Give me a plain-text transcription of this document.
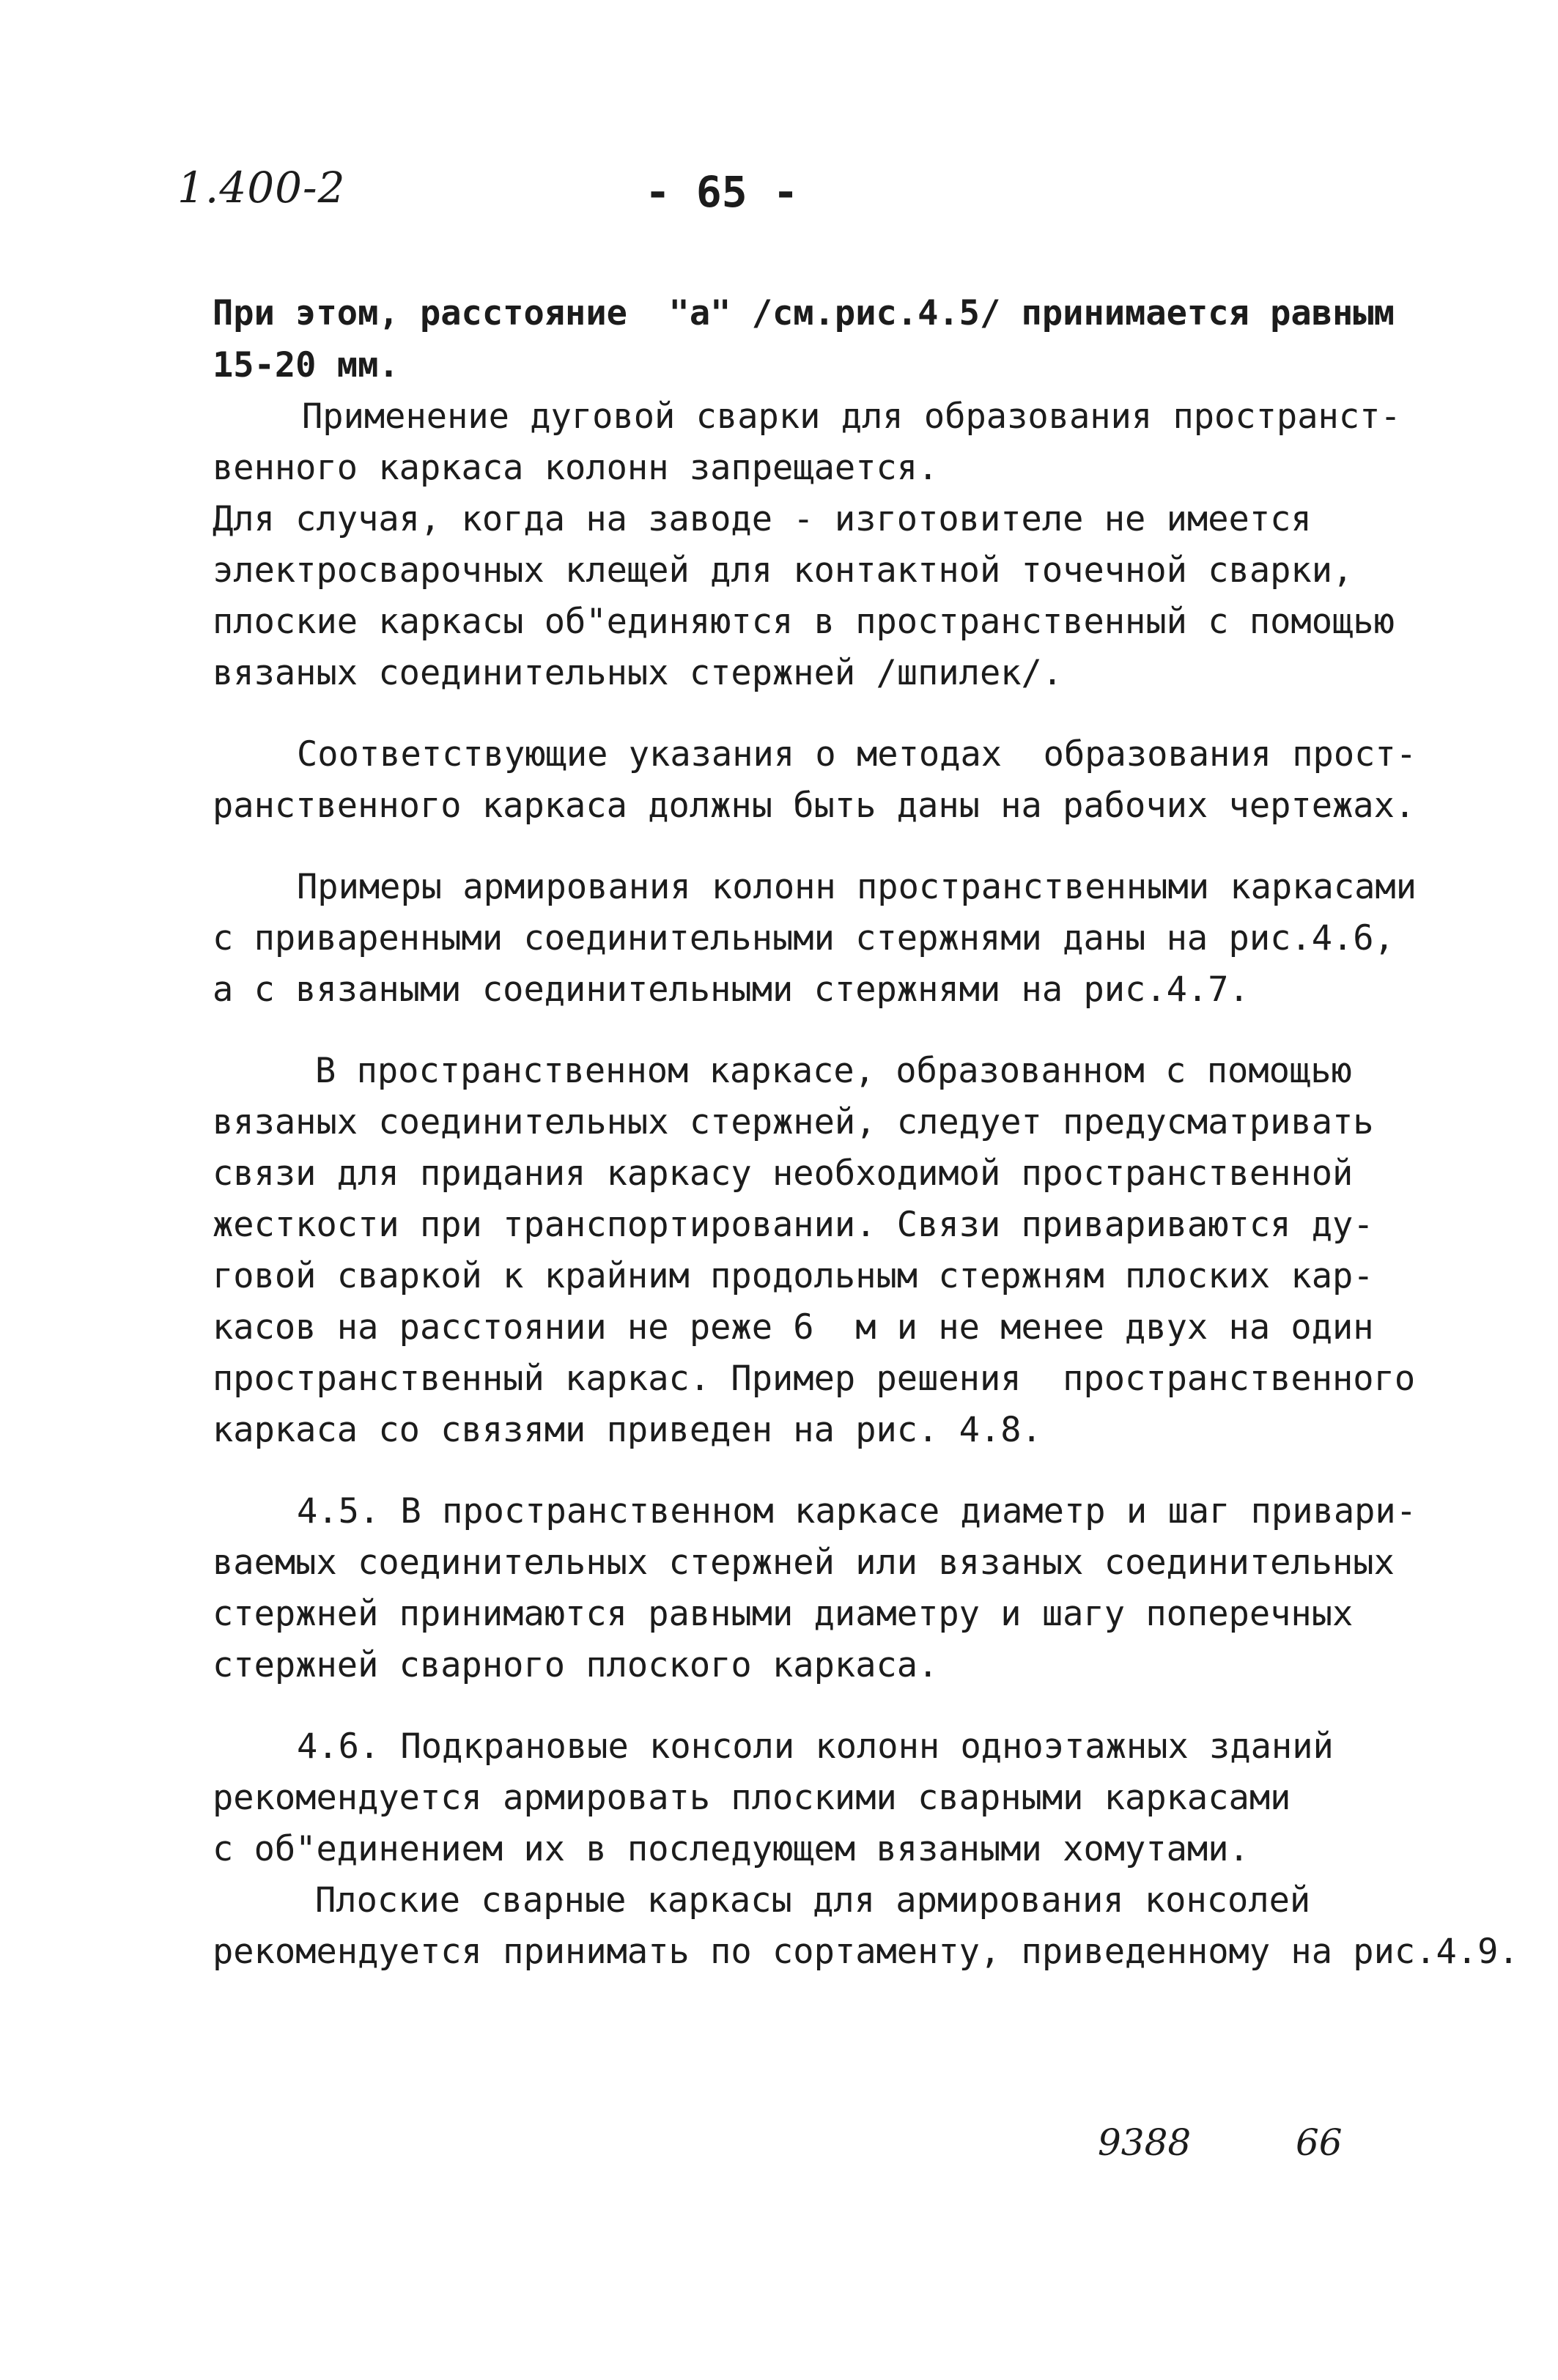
1.400-2	- 65 -
При этом, расстояние  "а" /см.рис.4.5/ принимается равным
15-20 мм.
Применение дуговой сварки для образования пространст-
венного каркаса колонн запрещается.
Для случая, когда на заводе - изготовителе не имеется
электросварочных клещей для контактной точечной сварки,
плоские каркасы об"единяются в пространственный с помощью
вязаных соединительных стержней /шпилек/.
Соответствующие указания о методах  образования прост-
ранственного каркаса должны быть даны на рабочих чертежах.
Примеры армирования колонн пространственными каркасами
с приваренными соединительными стержнями даны на рис.4.6,
а с вязаными соединительными стержнями на рис.4.7.
В пространственном каркасе, образованном с помощью
вязаных соединительных стержней, следует предусматривать
связи для придания каркасу необходимой пространственной
жесткости при транспортировании. Связи привариваются ду-
говой сваркой к крайним продольным стержням плоских кар-
касов на расстоянии не реже 6  м и не менее двух на один
пространственный каркас. Пример решения  пространственного
каркаса со связями приведен на рис. 4.8.
4.5. В пространственном каркасе диаметр и шаг привари-
ваемых соединительных стержней или вязаных соединительных
стержней принимаются равными диаметру и шагу поперечных
стержней сварного плоского каркаса.
4.6. Подкрановые консоли колонн одноэтажных зданий
рекомендуется армировать плоскими сварными каркасами
с об"единением их в последующем вязаными хомутами.
Плоские сварные каркасы для армирования консолей
рекомендуется принимать по сортаменту, приведенному на рис.4.9.
9388	66
